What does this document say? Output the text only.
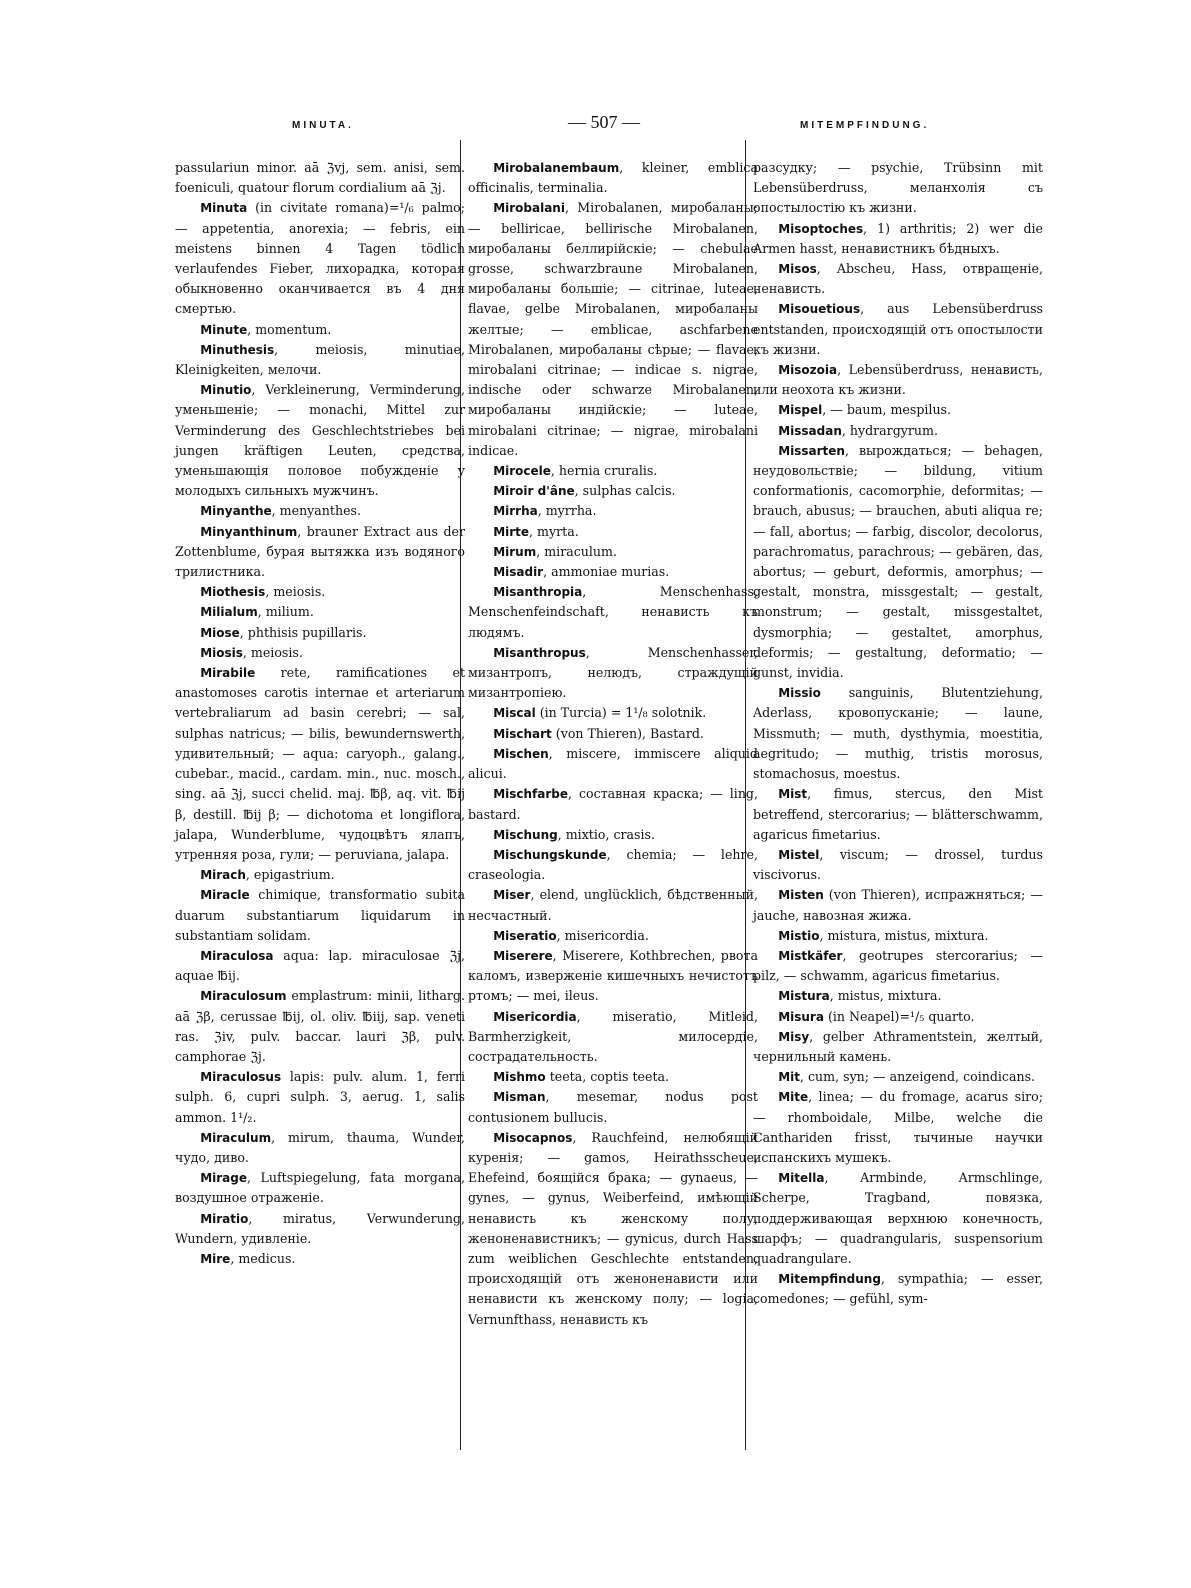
MINUTA.	— 507 —	MITEMPFINDUNG.

passulariun minor. aā ℨvj, sem. anisi, sem. foeniculi, quatour florum cordialium aā ℨj.

Minuta (in civitate romana)=¹/₆ palmo; — appetentia, anorexia; — febris, ein meistens binnen 4 Tagen tödlich verlaufendes Fieber, лихорадка, которая обыкновенно оканчивается въ 4 дня смертью.

Minute, momentum.

Minuthesis, meiosis, minutiae, Kleinigkeiten, мелочи.

Minutio, Verkleinerung, Verminderung, уменьшеніе; — monachi, Mittel zur Verminderung des Geschlechtstriebes bei jungen kräftigen Leuten, средства, уменьшающія половое побужденіе у молодыхъ сильныхъ мужчинъ.

Minyanthe, menyanthes.

Minyanthinum, brauner Extract aus der Zottenblume, бурая вытяжка изъ водяного трилистника.

Miothesis, meiosis.

Milialum, milium.

Miose, phthisis pupillaris.

Miosis, meiosis.

Mirabile rete, ramificationes et anastomoses carotis internae et arteriarum vertebraliarum ad basin cerebri; — sal, sulphas natricus; — bilis, bewundernswerth, удивительный; — aqua: caryoph., galang., cubebar., macid., cardam. min., nuc. mosch., sing. aā ℨj, succi chelid. maj. ℔β, aq. vit. ℔ij β, destill. ℔ij β; — dichotoma et longiflora, jalapa, Wunderblume, чудоцвѣтъ ялапъ, утренняя роза, гули; — peruviana, jalapa.

Mirach, epigastrium.

Miracle chimique, transformatio subita duarum substantiarum liquidarum in substantiam solidam.

Miraculosa aqua: lap. miraculosae ℨj, aquae ℔ij.

Miraculosum emplastrum: minii, litharg. aā ℨβ, cerussae ℔ij, ol. oliv. ℔iij, sap. veneti ras. ℨiv, pulv. baccar. lauri ℨβ, pulv. camphorae ℨj.

Miraculosus lapis: pulv. alum. 1, ferri sulph. 6, cupri sulph. 3, aerug. 1, salis ammon. 1¹/₂.

Miraculum, mirum, thauma, Wunder, чудо, диво.

Mirage, Luftspiegelung, fata morgana, воздушное отраженіе.

Miratio, miratus, Verwunderung, Wundern, удивленіе.

Mire, medicus.

Mirobalanembaum, kleiner, emblica officinalis, terminalia.

Mirobalani, Mirobalanen, миробаланы; — belliricae, bellirische Mirobalanen, миробаланы беллирійскіе; — chebulae grosse, schwarzbraune Mirobalanen, миробаланы большіе; — citrinae, luteae, flavae, gelbe Mirobalanen, миробаланы желтые; — emblicae, aschfarbene Mirobalanen, миробаланы сѣрые; — flavae, mirobalani citrinae; — indicae s. nigrae, indische oder schwarze Mirobalanen, миробаланы индійскіе; — luteae, mirobalani citrinae; — nigrae, mirobalani indicae.

Mirocele, hernia cruralis.

Miroir d'âne, sulphas calcis.

Mirrha, myrrha.

Mirte, myrta.

Mirum, miraculum.

Misadir, ammoniae murias.

Misanthropia, Menschenhass, Menschenfeindschaft, ненависть къ людямъ.

Misanthropus, Menschenhasser, мизантропъ, нелюдъ, страждущій мизантропіею.

Miscal (in Turcia) = 1¹/₈ solotnik.

Mischart (von Thieren), Bastard.

Mischen, miscere, immiscere aliquid alicui.

Mischfarbe, составная краска; — ling, bastard.

Mischung, mixtio, crasis.

Mischungskunde, chemia; — lehre, craseologia.

Miser, elend, unglücklich, бѣдственный, несчастный.

Miseratio, misericordia.

Miserere, Miserere, Kothbrechen, рвота каломъ, изверженіе кишечныхъ нечистотъ ртомъ; — mei, ileus.

Misericordia, miseratio, Mitleid, Barmherzigkeit, милосердіе, сострадательность.

Mishmo teeta, coptis teeta.

Misman, mesemar, nodus post contusionem bullucis.

Misocapnos, Rauchfeind, нелюбящій куренія; — gamos, Heirathsscheue, Ehefeind, боящійся брака; — gynaeus, — gynes, — gynus, Weiberfeind, имѣющій ненависть къ женскому полу, женоненавистникъ; — gynicus, durch Hass zum weiblichen Geschlechte entstanden, происходящій отъ женоненависти или ненависти къ женскому полу; — logia, Vernunfthass, ненависть къ

разсудку; — psychie, Trübsinn mit Lebensüberdruss, меланхолія съ опостылостію къ жизни.

Misoptoches, 1) arthritis; 2) wer die Armen hasst, ненавистникъ бѣдныхъ.

Misos, Abscheu, Hass, отвращеніе, ненависть.

Misouetious, aus Lebensüberdruss entstanden, происходящій отъ опостылости къ жизни.

Misozoia, Lebensüberdruss, ненависть, или неохота къ жизни.

Mispel, — baum, mespilus.

Missadan, hydrargyrum.

Missarten, вырождаться; — behagen, неудовольствіе; — bildung, vitium conformationis, cacomorphie, deformitas; — brauch, abusus; — brauchen, abuti aliqua re; — fall, abortus; — farbig, discolor, decolorus, parachromatus, parachrous; — gebären, das, abortus; — geburt, deformis, amorphus; — gestalt, monstra, missgestalt; — gestalt, monstrum; — gestalt, missgestaltet, dysmorphia; — gestaltet, amorphus, deformis; — gestaltung, deformatio; — gunst, invidia.

Missio sanguinis, Blutentziehung, Aderlass, кровопусканіе; — laune, Missmuth; — muth, dysthymia, moestitia, aegritudo; — muthig, tristis morosus, stomachosus, moestus.

Mist, fimus, stercus, den Mist betreffend, stercorarius; — blätterschwamm, agaricus fimetarius.

Mistel, viscum; — drossel, turdus viscivorus.

Misten (von Thieren), испражняться; — jauche, навозная жижа.

Mistio, mistura, mistus, mixtura.

Mistkäfer, geotrupes stercorarius; — pilz, — schwamm, agaricus fimetarius.

Mistura, mistus, mixtura.

Misura (in Neapel)=¹/₅ quarto.

Misy, gelber Athramentstein, желтый, чернильный камень.

Mit, cum, syn; — anzeigend, coindicans.

Mite, linea; — du fromage, acarus siro; — rhomboidale, Milbe, welche die Canthariden frisst, тычиные научки испанскихъ мушекъ.

Mitella, Armbinde, Armschlinge, Scherpe, Tragband, повязка, поддерживающая верхнюю конечность, шарфъ; — quadrangularis, suspensorium quadrangulare.

Mitempfindung, sympathia; — esser, comedones; — gefühl, sym-
